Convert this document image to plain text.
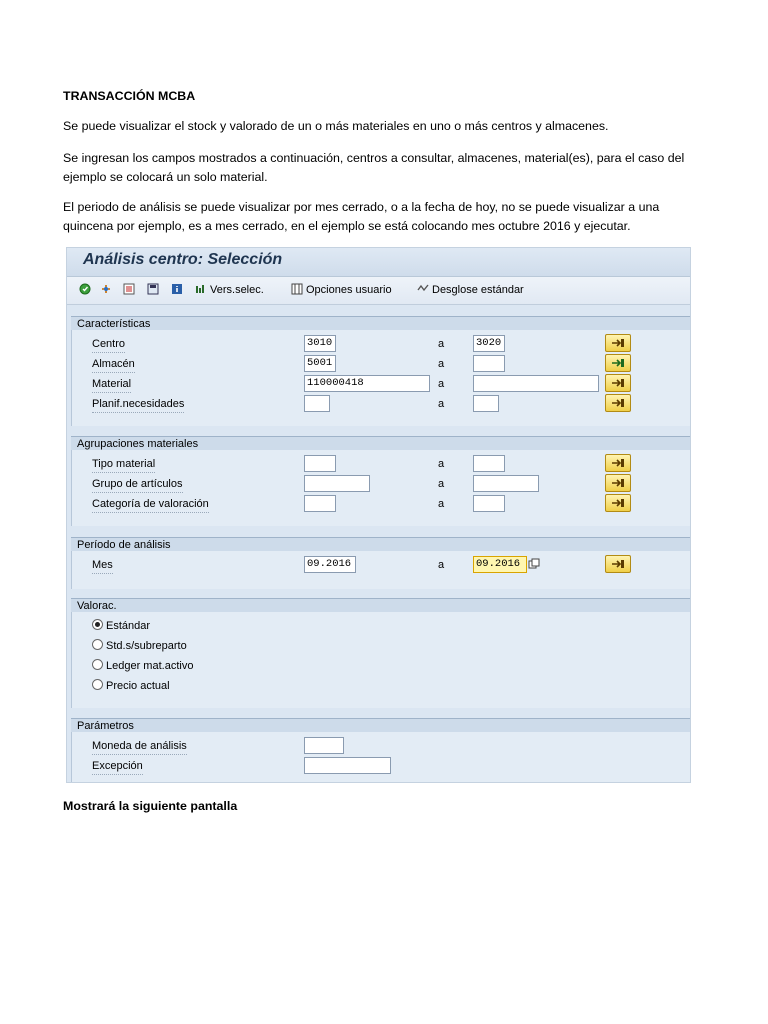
TRANSACCIÓN MCBA
Se puede visualizar el stock y valorado de un o más materiales en uno o más centros y almacenes.
Se ingresan los campos mostrados a continuación, centros a consultar, almacenes, material(es), para el caso del
ejemplo se colocará un solo material.
El periodo de análisis se puede visualizar por mes cerrado, o a la fecha de hoy, no se puede visualizar a una
quincena por ejemplo, es a mes cerrado, en el ejemplo se está colocando mes octubre 2016 y ejecutar.
Análisis centro: Selección
Vers.selec.	Opciones usuario	Desglose estándar
Características
Centro	3010	a	3020
Almacén	5001	a
Material	110000418	a
Planif.necesidades	a
Agrupaciones materiales
Tipo material	a
Grupo de artículos	a
Categoría de valoración	a
Período de análisis
Mes	09.2016	a	09.2016
Valorac.
Estándar
Std.s/subreparto
Ledger mat.activo
Precio actual
Parámetros
Moneda de análisis
Excepción
Mostrará la siguiente pantalla
